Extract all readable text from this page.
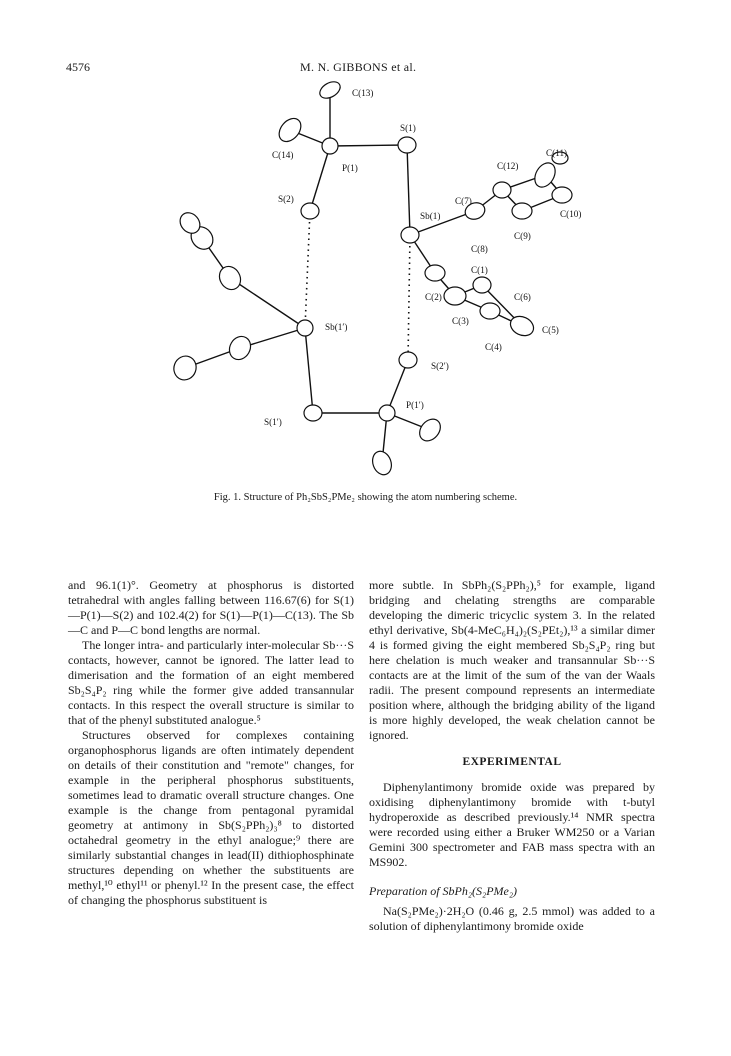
4576	M. N. GIBBONS et al.
C(13)
C(14)
P(1)
S(1)
S(2)
Sb(1)
C(7)
C(8)
C(9)
C(10)
C(11)
C(12)
C(1)
C(2)
C(3)
C(4)
C(5)
C(6)
Sb(1′)
S(2′)
P(1′)
S(1′)
Fig. 1. Structure of Ph₂SbS₂PMe₂ showing the atom numbering scheme.

and 96.1(1)°. Geometry at phosphorus is distorted tetrahedral with angles falling between 116.67(6) for S(1)—P(1)—S(2) and 102.4(2) for S(1)—P(1)—C(13). The Sb—C and P—C bond lengths are normal.

The longer intra- and particularly inter-molecular Sb···S contacts, however, cannot be ignored. The latter lead to dimerisation and the formation of an eight membered Sb₂S₄P₂ ring while the former give added transannular contacts. In this respect the overall structure is similar to that of the phenyl substituted analogue.⁵

Structures observed for complexes containing organophosphorus ligands are often intimately dependent on details of their constitution and "remote" changes, for example in the peripheral phosphorus substituents, sometimes lead to dramatic overall structure changes. One example is the change from pentagonal pyramidal geometry at antimony in Sb(S₂PPh₂)₃⁸ to distorted octahedral geometry in the ethyl analogue;⁹ there are similarly substantial changes in lead(II) dithiophosphinate structures depending on whether the substituents are methyl,¹⁰ ethyl¹¹ or phenyl.¹² In the present case, the effect of changing the phosphorus substituent is

more subtle. In SbPh₂(S₂PPh₂),⁵ for example, ligand bridging and chelating strengths are comparable developing the dimeric tricyclic system 3. In the related ethyl derivative, Sb(4-MeC₆H₄)₂(S₂PEt₂),¹³ a similar dimer 4 is formed giving the eight membered Sb₂S₄P₂ ring but here chelation is much weaker and transannular Sb···S contacts are at the limit of the sum of the van der Waals radii. The present compound represents an intermediate position where, although the bridging ability of the ligand is more highly developed, the weak chelation cannot be ignored.

EXPERIMENTAL

Diphenylantimony bromide oxide was prepared by oxidising diphenylantimony bromide with t-butyl hydroperoxide as described previously.¹⁴ NMR spectra were recorded using either a Bruker WM250 or a Varian Gemini 300 spectrometer and FAB mass spectra with an MS902.

Preparation of SbPh₂(S₂PMe₂)

Na(S₂PMe₂)·2H₂O (0.46 g, 2.5 mmol) was added to a solution of diphenylantimony bromide oxide
